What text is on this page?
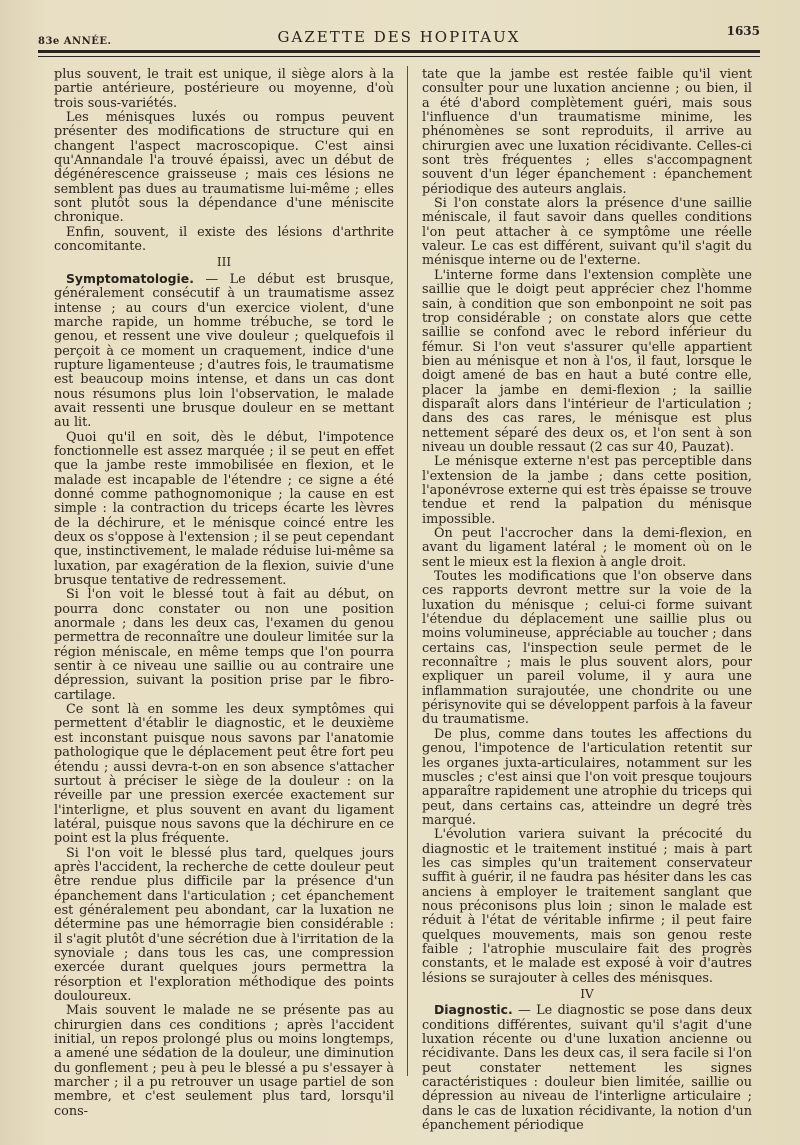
83e ANNÉE.	GAZETTE DES HOPITAUX	1635

plus souvent, le trait est unique, il siège alors à la partie antérieure, postérieure ou moyenne, d'où trois sous-variétés.

Les ménisques luxés ou rompus peuvent présenter des modifications de structure qui en changent l'aspect macroscopique. C'est ainsi qu'Annandale l'a trouvé épaissi, avec un début de dégénérescence graisseuse ; mais ces lésions ne semblent pas dues au traumatisme lui-même ; elles sont plutôt sous la dépendance d'une méniscite chronique.

Enfin, souvent, il existe des lésions d'arthrite concomitante.

III

Symptomatologie. — Le début est brusque, généralement consécutif à un traumatisme assez intense ; au cours d'un exercice violent, d'une marche rapide, un homme trébuche, se tord le genou, et ressent une vive douleur ; quelquefois il perçoit à ce moment un craquement, indice d'une rupture ligamenteuse ; d'autres fois, le traumatisme est beaucoup moins intense, et dans un cas dont nous résumons plus loin l'observation, le malade avait ressenti une brusque douleur en se mettant au lit.

Quoi qu'il en soit, dès le début, l'impotence fonctionnelle est assez marquée ; il se peut en effet que la jambe reste immobilisée en flexion, et le malade est incapable de l'étendre ; ce signe a été donné comme pathognomonique ; la cause en est simple : la contraction du triceps écarte les lèvres de la déchirure, et le ménisque coincé entre les deux os s'oppose à l'extension ; il se peut cependant que, instinctivement, le malade réduise lui-même sa luxation, par exagération de la flexion, suivie d'une brusque tentative de redressement.

Si l'on voit le blessé tout à fait au début, on pourra donc constater ou non une position anormale ; dans les deux cas, l'examen du genou permettra de reconnaître une douleur limitée sur la région méniscale, en même temps que l'on pourra sentir à ce niveau une saillie ou au contraire une dépression, suivant la position prise par le fibro-cartilage.

Ce sont là en somme les deux symptômes qui permettent d'établir le diagnostic, et le deuxième est inconstant puisque nous savons par l'anatomie pathologique que le déplacement peut être fort peu étendu ; aussi devra-t-on en son absence s'attacher surtout à préciser le siège de la douleur : on la réveille par une pression exercée exactement sur l'interligne, et plus souvent en avant du ligament latéral, puisque nous savons que la déchirure en ce point est la plus fréquente.

Si l'on voit le blessé plus tard, quelques jours après l'accident, la recherche de cette douleur peut être rendue plus difficile par la présence d'un épanchement dans l'articulation ; cet épanchement est généralement peu abondant, car la luxation ne détermine pas une hémorragie bien considérable : il s'agit plutôt d'une sécrétion due à l'irritation de la synoviale ; dans tous les cas, une compression exercée durant quelques jours permettra la résorption et l'exploration méthodique des points douloureux.

Mais souvent le malade ne se présente pas au chirurgien dans ces conditions ; après l'accident initial, un repos prolongé plus ou moins longtemps, a amené une sédation de la douleur, une diminution du gonflement ; peu à peu le blessé a pu s'essayer à marcher ; il a pu retrouver un usage partiel de son membre, et c'est seulement plus tard, lorsqu'il cons-

tate que la jambe est restée faible qu'il vient consulter pour une luxation ancienne ; ou bien, il a été d'abord complètement guéri, mais sous l'influence d'un traumatisme minime, les phénomènes se sont reproduits, il arrive au chirurgien avec une luxation récidivante. Celles-ci sont très fréquentes ; elles s'accompagnent souvent d'un léger épanchement : épanchement périodique des auteurs anglais.

Si l'on constate alors la présence d'une saillie méniscale, il faut savoir dans quelles conditions l'on peut attacher à ce symptôme une réelle valeur. Le cas est différent, suivant qu'il s'agit du ménisque interne ou de l'externe.

L'interne forme dans l'extension complète une saillie que le doigt peut apprécier chez l'homme sain, à condition que son embonpoint ne soit pas trop considérable ; on constate alors que cette saillie se confond avec le rebord inférieur du fémur. Si l'on veut s'assurer qu'elle appartient bien au ménisque et non à l'os, il faut, lorsque le doigt amené de bas en haut a buté contre elle, placer la jambe en demi-flexion ; la saillie disparaît alors dans l'intérieur de l'articulation ; dans des cas rares, le ménisque est plus nettement séparé des deux os, et l'on sent à son niveau un double ressaut (2 cas sur 40, Pauzat).

Le ménisque externe n'est pas perceptible dans l'extension de la jambe ; dans cette position, l'aponévrose externe qui est très épaisse se trouve tendue et rend la palpation du ménisque impossible.

On peut l'accrocher dans la demi-flexion, en avant du ligament latéral ; le moment où on le sent le mieux est la flexion à angle droit.

Toutes les modifications que l'on observe dans ces rapports devront mettre sur la voie de la luxation du ménisque ; celui-ci forme suivant l'étendue du déplacement une saillie plus ou moins volumineuse, appréciable au toucher ; dans certains cas, l'inspection seule permet de le reconnaître ; mais le plus souvent alors, pour expliquer un pareil volume, il y aura une inflammation surajoutée, une chondrite ou une périsynovite qui se développent parfois à la faveur du traumatisme.

De plus, comme dans toutes les affections du genou, l'impotence de l'articulation retentit sur les organes juxta-articulaires, notamment sur les muscles ; c'est ainsi que l'on voit presque toujours apparaître rapidement une atrophie du triceps qui peut, dans certains cas, atteindre un degré très marqué.

L'évolution variera suivant la précocité du diagnostic et le traitement institué ; mais à part les cas simples qu'un traitement conservateur suffit à guérir, il ne faudra pas hésiter dans les cas anciens à employer le traitement sanglant que nous préconisons plus loin ; sinon le malade est réduit à l'état de véritable infirme ; il peut faire quelques mouvements, mais son genou reste faible ; l'atrophie musculaire fait des progrès constants, et le malade est exposé à voir d'autres lésions se surajouter à celles des ménisques.

IV

Diagnostic. — Le diagnostic se pose dans deux conditions différentes, suivant qu'il s'agit d'une luxation récente ou d'une luxation ancienne ou récidivante. Dans les deux cas, il sera facile si l'on peut constater nettement les signes caractéristiques : douleur bien limitée, saillie ou dépression au niveau de l'interligne articulaire ; dans le cas de luxation récidivante, la notion d'un épanchement périodique
